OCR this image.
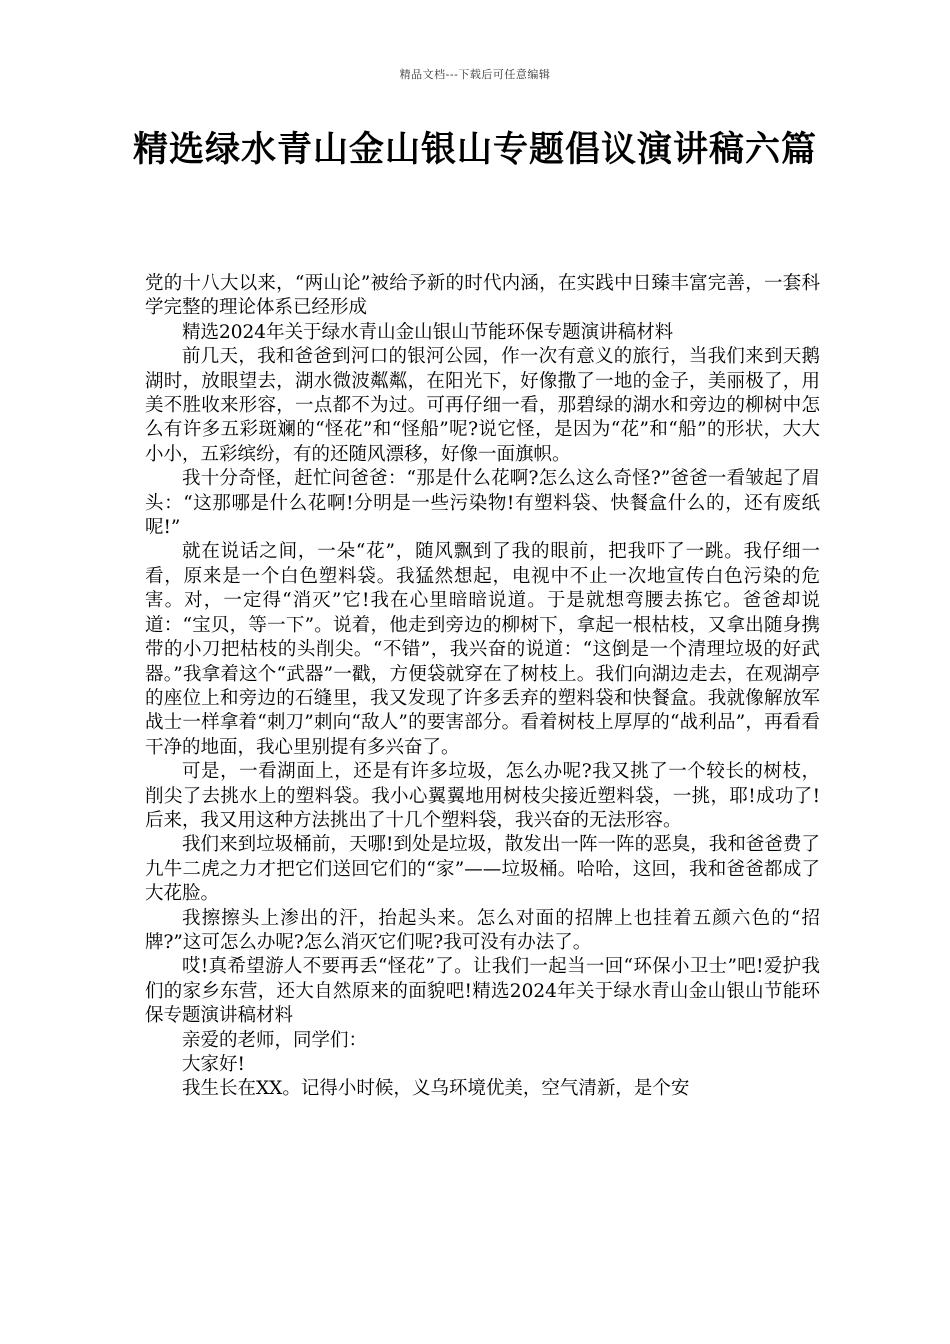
精品文档---下载后可任意编辑
精选绿水青山金山银山专题倡议演讲稿六篇

党的十八大以来，“两山论”被给予新的时代内涵，在实践中日臻丰富完善，一套科学完整的理论体系已经形成

精选2024年关于绿水青山金山银山节能环保专题演讲稿材料

前几天，我和爸爸到河口的银河公园，作一次有意义的旅行，当我们来到天鹅湖时，放眼望去，湖水微波粼粼，在阳光下，好像撒了一地的金子，美丽极了，用美不胜收来形容，一点都不为过。可再仔细一看，那碧绿的湖水和旁边的柳树中怎么有许多五彩斑斓的“怪花”和“怪船”呢?说它怪，是因为“花”和“船”的形状，大大小小，五彩缤纷，有的还随风漂移，好像一面旗帜。

我十分奇怪，赶忙问爸爸：“那是什么花啊?怎么这么奇怪?”爸爸一看皱起了眉头：“这那哪是什么花啊!分明是一些污染物!有塑料袋、快餐盒什么的，还有废纸呢!”

就在说话之间，一朵“花”，随风飘到了我的眼前，把我吓了一跳。我仔细一看，原来是一个白色塑料袋。我猛然想起，电视中不止一次地宣传白色污染的危害。对，一定得“消灭”它!我在心里暗暗说道。于是就想弯腰去拣它。爸爸却说道：“宝贝，等一下”。说着，他走到旁边的柳树下，拿起一根枯枝，又拿出随身携带的小刀把枯枝的头削尖。“不错”，我兴奋的说道：“这倒是一个清理垃圾的好武器。”我拿着这个“武器”一戳，方便袋就穿在了树枝上。我们向湖边走去，在观湖亭的座位上和旁边的石缝里，我又发现了许多丢弃的塑料袋和快餐盒。我就像解放军战士一样拿着“刺刀”刺向“敌人”的要害部分。看着树枝上厚厚的“战利品”，再看看干净的地面，我心里别提有多兴奋了。

可是，一看湖面上，还是有许多垃圾，怎么办呢?我又挑了一个较长的树枝，削尖了去挑水上的塑料袋。我小心翼翼地用树枝尖接近塑料袋，一挑，耶!成功了!后来，我又用这种方法挑出了十几个塑料袋，我兴奋的无法形容。

我们来到垃圾桶前，天哪!到处是垃圾，散发出一阵一阵的恶臭，我和爸爸费了九牛二虎之力才把它们送回它们的“家”——垃圾桶。哈哈，这回，我和爸爸都成了大花脸。

我擦擦头上渗出的汗，抬起头来。怎么对面的招牌上也挂着五颜六色的“招牌?”这可怎么办呢?怎么消灭它们呢?我可没有办法了。

哎!真希望游人不要再丢“怪花”了。让我们一起当一回“环保小卫士”吧!爱护我们的家乡东营，还大自然原来的面貌吧!精选2024年关于绿水青山金山银山节能环保专题演讲稿材料

亲爱的老师，同学们：

大家好!

我生长在XX。记得小时候，义乌环境优美，空气清新，是个安
